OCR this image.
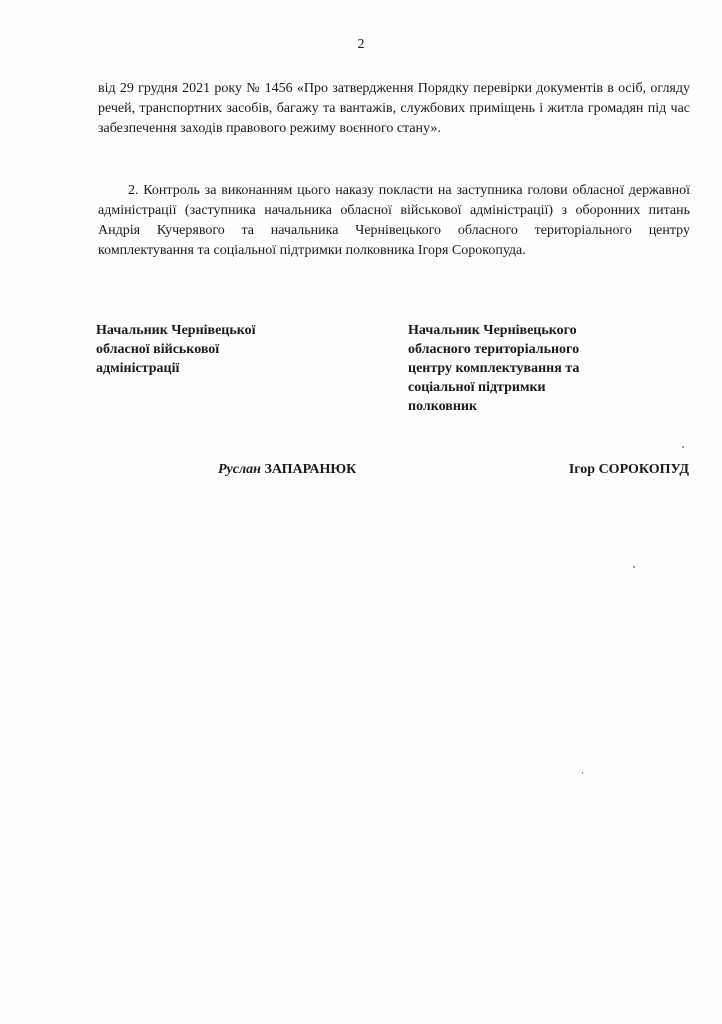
2

від 29 грудня 2021 року № 1456 «Про затвердження Порядку перевірки документів в осіб, огляду речей, транспортних засобів, багажу та вантажів, службових приміщень і житла громадян під час забезпечення заходів правового режиму воєнного стану».

2. Контроль за виконанням цього наказу покласти на заступника голови обласної державної адміністрації (заступника начальника обласної військової адміністрації) з оборонних питань Андрія Кучерявого та начальника Чернівецького обласного територіального центру комплектування та соціальної підтримки полковника Ігоря Сорокопуда.

Начальник Чернівецької
обласної військової
адміністрації
Начальник Чернівецького
обласного територіального
центру комплектування та
соціальної підтримки
полковник
Руслан ЗАПАРАНЮК	Ігор СОРОКОПУД
